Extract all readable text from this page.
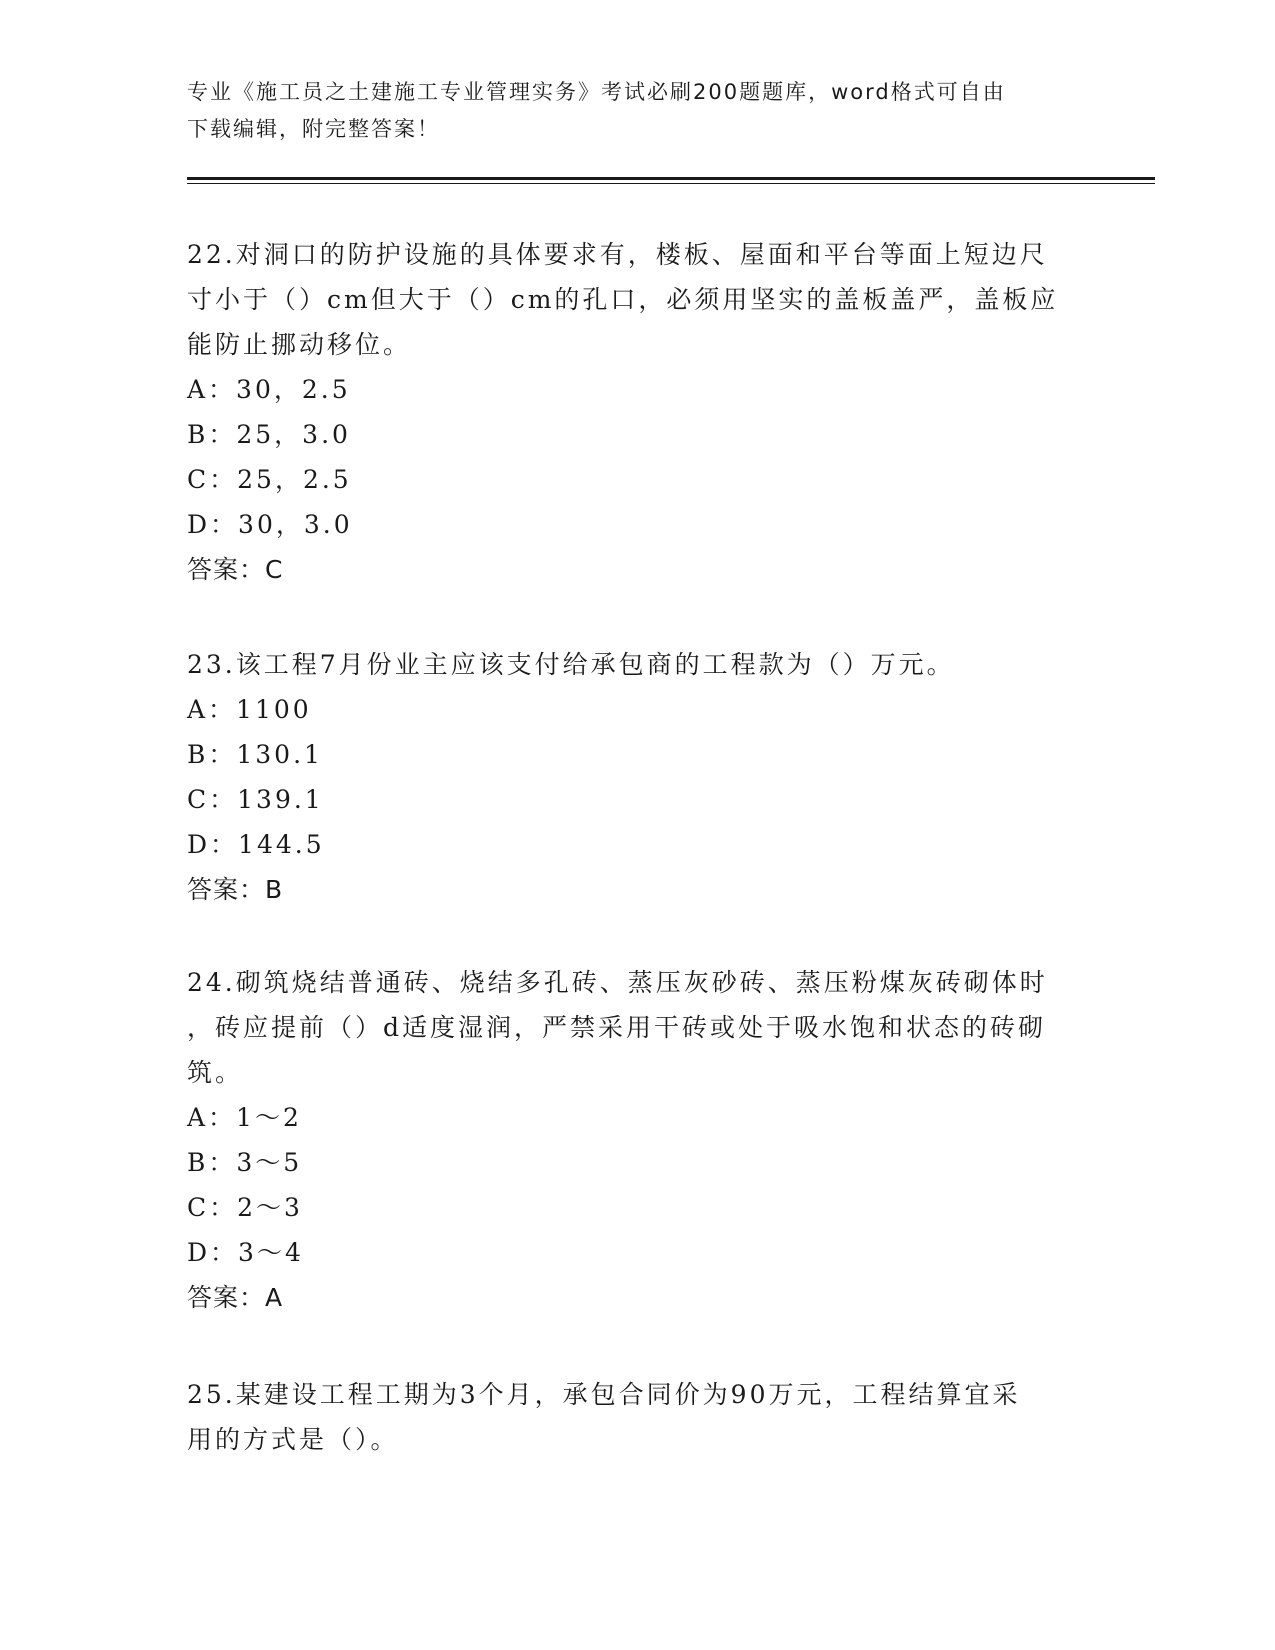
专业《施工员之土建施工专业管理实务》考试必刷200题题库，word格式可自由
下载编辑，附完整答案！

22.对洞口的防护设施的具体要求有，楼板、屋面和平台等面上短边尺

寸小于（）cm但大于（）cm的孔口，必须用坚实的盖板盖严，盖板应

能防止挪动移位。

A：30，2.5

B：25，3.0

C：25，2.5

D：30，3.0

答案：C

23.该工程7月份业主应该支付给承包商的工程款为（）万元。

A：1100

B：130.1

C：139.1

D：144.5

答案：B

24.砌筑烧结普通砖、烧结多孔砖、蒸压灰砂砖、蒸压粉煤灰砖砌体时

，砖应提前（）d适度湿润，严禁采用干砖或处于吸水饱和状态的砖砌

筑。

A：1～2

B：3～5

C：2～3

D：3～4

答案：A

25.某建设工程工期为3个月，承包合同价为90万元，工程结算宜采

用的方式是（）。
